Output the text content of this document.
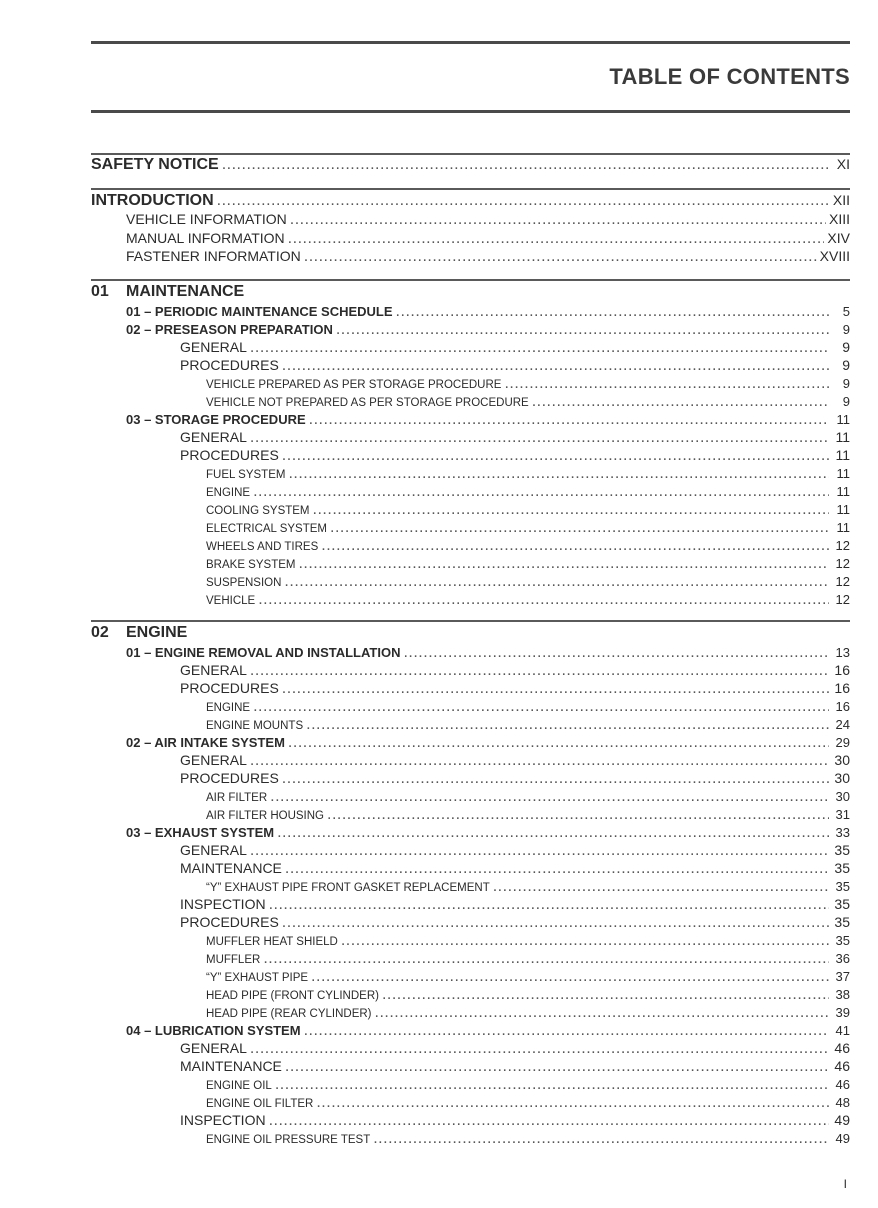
TABLE OF CONTENTS
SAFETY NOTICE .....	XI
INTRODUCTION .....	XII
VEHICLE INFORMATION .....	XIII
MANUAL INFORMATION .....	XIV
FASTENER INFORMATION .....	XVIII
01 MAINTENANCE
01 – PERIODIC MAINTENANCE SCHEDULE .....	5
02 – PRESEASON PREPARATION .....	9
GENERAL .....	9
PROCEDURES .....	9
VEHICLE PREPARED AS PER STORAGE PROCEDURE .....	9
VEHICLE NOT PREPARED AS PER STORAGE PROCEDURE .....	9
03 – STORAGE PROCEDURE .....	11
GENERAL .....	11
PROCEDURES .....	11
FUEL SYSTEM .....	11
ENGINE .....	11
COOLING SYSTEM .....	11
ELECTRICAL SYSTEM .....	11
WHEELS AND TIRES .....	12
BRAKE SYSTEM .....	12
SUSPENSION .....	12
VEHICLE .....	12
02 ENGINE
01 – ENGINE REMOVAL AND INSTALLATION .....	13
GENERAL .....	16
PROCEDURES .....	16
ENGINE .....	16
ENGINE MOUNTS .....	24
02 – AIR INTAKE SYSTEM .....	29
GENERAL .....	30
PROCEDURES .....	30
AIR FILTER .....	30
AIR FILTER HOUSING .....	31
03 – EXHAUST SYSTEM .....	33
GENERAL .....	35
MAINTENANCE .....	35
“Y” EXHAUST PIPE FRONT GASKET REPLACEMENT .....	35
INSPECTION .....	35
PROCEDURES .....	35
MUFFLER HEAT SHIELD .....	35
MUFFLER .....	36
“Y” EXHAUST PIPE .....	37
HEAD PIPE (FRONT CYLINDER) .....	38
HEAD PIPE (REAR CYLINDER) .....	39
04 – LUBRICATION SYSTEM .....	41
GENERAL .....	46
MAINTENANCE .....	46
ENGINE OIL .....	46
ENGINE OIL FILTER .....	48
INSPECTION .....	49
ENGINE OIL PRESSURE TEST .....	49
I
